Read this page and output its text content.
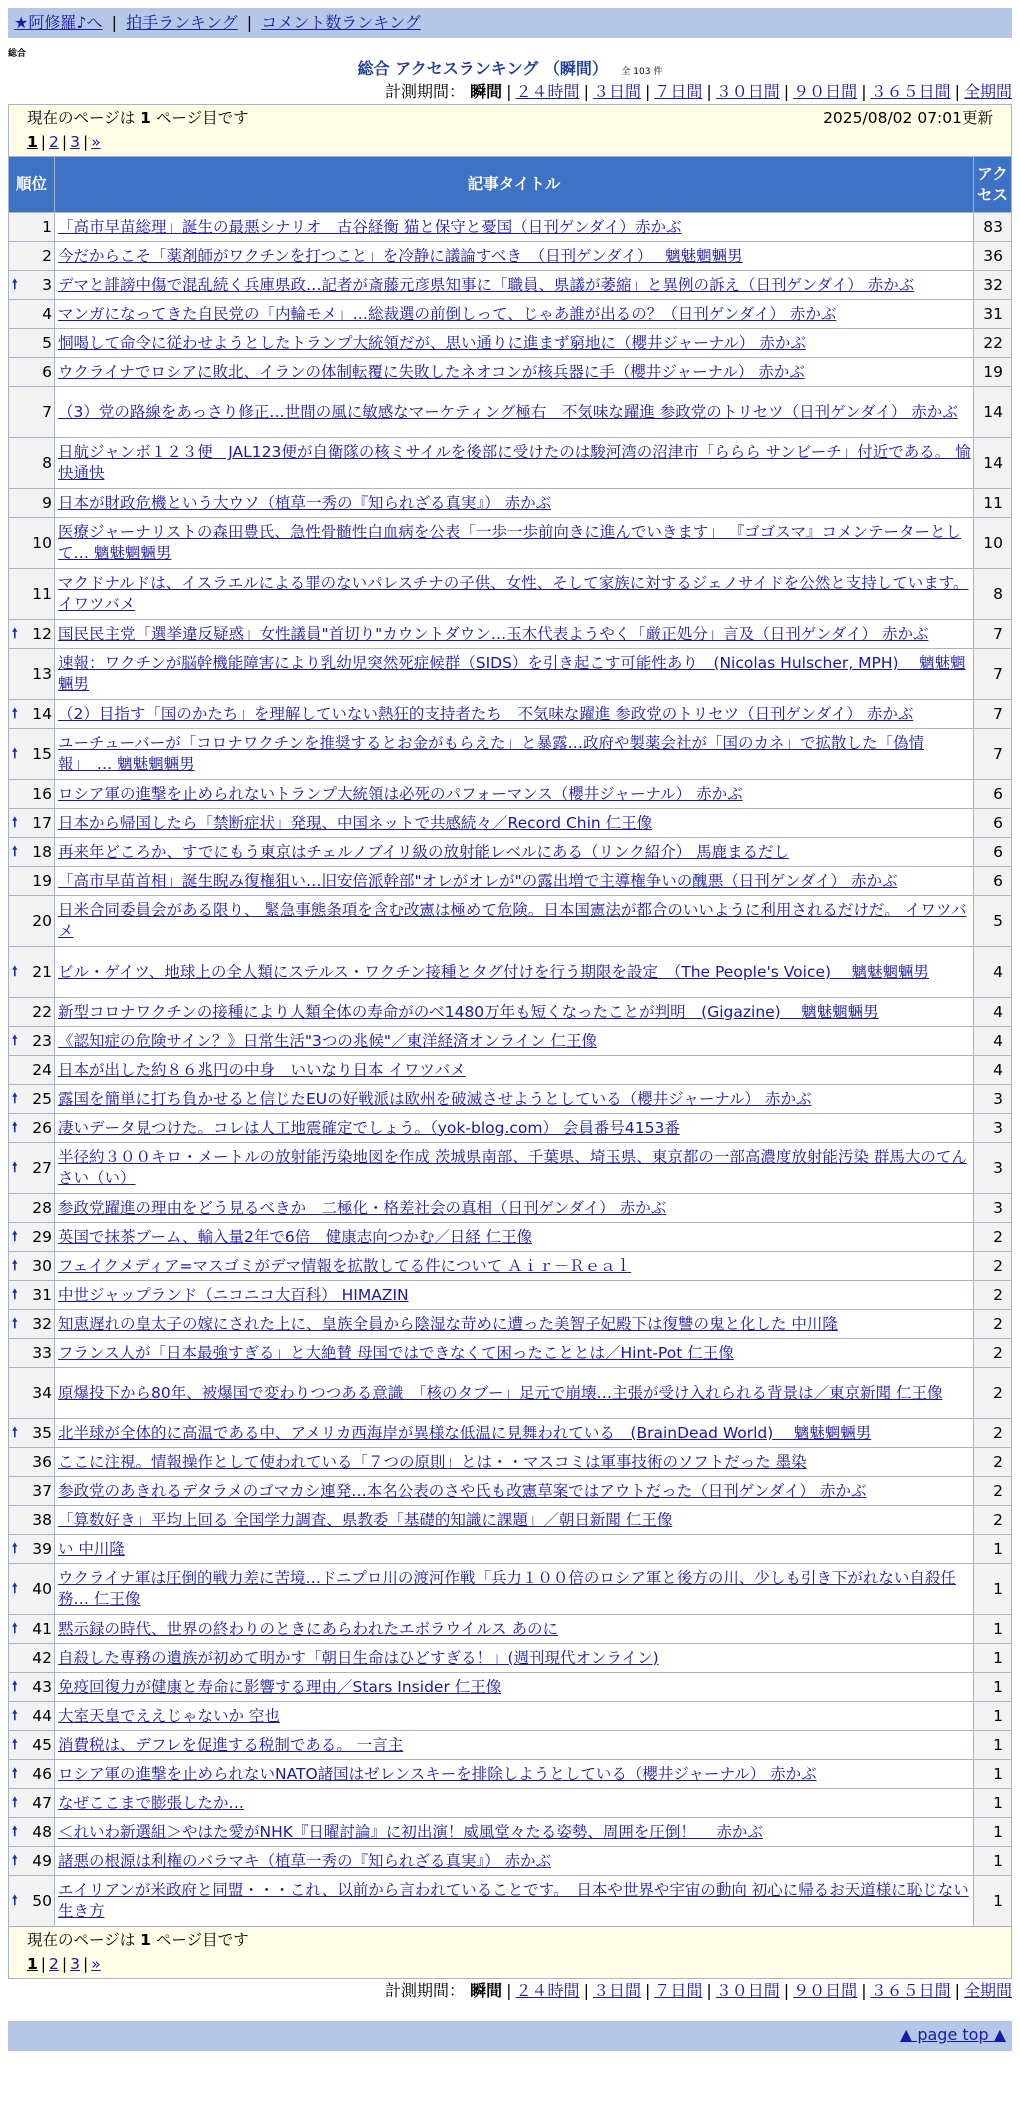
★阿修羅♪へ | 拍手ランキング | コメント数ランキング
総合
総合 アクセスランキング （瞬間） 全 103 件
計測期間： 瞬間 | ２４時間 | ３日間 | ７日間 | ３０日間 | ９０日間 | ３６５日間 | 全期間
現在のページは 1 ページ目です 2025/08/02 07:01更新
1 | 2 | 3 | »		

順位	記事タイトル	アクセス
1	「高市早苗総理」誕生の最悪シナリオ　古谷経衡 猫と保守と憂国（日刊ゲンダイ）赤かぶ	83
2	今だからこそ「薬剤師がワクチンを打つこと」を冷静に議論すべき　（日刊ゲンダイ）　 魑魅魍魎男	36

🠕 3	デマと誹謗中傷で混乱続く兵庫県政…記者が斎藤元彦県知事に「職員、県議が萎縮」と異例の訴え（日刊ゲンダイ） 赤かぶ	32
4	マンガになってきた自民党の「内輪モメ」…総裁選の前倒しって、じゃあ誰が出るの？（日刊ゲンダイ） 赤かぶ	31
5	恫喝して命令に従わせようとしたトランプ大統領だが、思い通りに進まず窮地に（櫻井ジャーナル） 赤かぶ	22
6	ウクライナでロシアに敗北、イランの体制転覆に失敗したネオコンが核兵器に手（櫻井ジャーナル） 赤かぶ	19
7	（3）党の路線をあっさり修正…世間の風に敏感なマーケティング極右　不気味な躍進 参政党のトリセツ（日刊ゲンダイ） 赤かぶ	14
8	日航ジャンボ１２３便　JAL123便が自衛隊の核ミサイルを後部に受けたのは駿河湾の沼津市「ららら サンビーチ」付近である。 愉快通快	14
9	日本が財政危機という大ウソ（植草一秀の『知られざる真実』） 赤かぶ	11
10	医療ジャーナリストの森田豊氏、急性骨髄性白血病を公表「一歩一歩前向きに進んでいきます」 『ゴゴスマ』コメンテーターとして… 魑魅魍魎男	10
11	マクドナルドは、イスラエルによる罪のないパレスチナの子供、女性、そして家族に対するジェノサイドを公然と支持しています。 イワツバメ	8

🠕 12	国民民主党「選挙違反疑惑」女性議員"首切り"カウントダウン…玉木代表ようやく「厳正処分」言及（日刊ゲンダイ） 赤かぶ	7
13	速報：ワクチンが脳幹機能障害により乳幼児突然死症候群（SIDS）を引き起こす可能性あり　(Nicolas Hulscher, MPH)　 魑魅魍魎男	7

🠕 14	（2）目指す「国のかたち」を理解していない熱狂的支持者たち　不気味な躍進 参政党のトリセツ（日刊ゲンダイ） 赤かぶ	7

🠕 15	ユーチューバーが「コロナワクチンを推奨するとお金がもらえた」と暴露…政府や製薬会社が「国のカネ」で拡散した「偽情報」　… 魑魅魍魎男	7
16	ロシア軍の進撃を止められないトランプ大統領は必死のパフォーマンス（櫻井ジャーナル） 赤かぶ	6

🠕 17	日本から帰国したら「禁断症状」発現、中国ネットで共感続々／Record Chin 仁王像	6

🠕 18	再来年どころか、すでにもう東京はチェルノブイリ級の放射能レベルにある（リンク紹介） 馬鹿まるだし	6
19	「高市早苗首相」誕生睨み復権狙い…旧安倍派幹部"オレがオレが"の露出増で主導権争いの醜悪（日刊ゲンダイ） 赤かぶ	6
20	日米合同委員会がある限り、 緊急事態条項を含む改憲は極めて危険。日本国憲法が都合のいいように利用されるだけだ。 イワツバメ	5

🠕 21	ビル・ゲイツ、地球上の全人類にステルス・ワクチン接種とタグ付けを行う期限を設定　（The People's Voice)　 魑魅魍魎男	4
22	新型コロナワクチンの接種により人類全体の寿命がのべ1480万年も短くなったことが判明　(Gigazine)　 魑魅魍魎男	4

🠕 23	《認知症の危険サイン？》日常生活"3つの兆候"／東洋経済オンライン 仁王像	4
24	日本が出した約８６兆円の中身　いいなり日本 イワツバメ	4

🠕 25	露国を簡単に打ち負かせると信じたEUの好戦派は欧州を破滅させようとしている（櫻井ジャーナル） 赤かぶ	3

🠕 26	凄いデータ見つけた。コレは人工地震確定でしょう。（yok-blog.com） 会員番号4153番	3

🠕 27	半径約３００キロ・メートルの放射能汚染地図を作成 茨城県南部、千葉県、埼玉県、東京都の一部高濃度放射能汚染 群馬大のてんさい（い）	3
28	参政党躍進の理由をどう見るべきか　二極化・格差社会の真相（日刊ゲンダイ） 赤かぶ	3

🠕 29	英国で抹茶ブーム、輸入量2年で6倍　健康志向つかむ／日経 仁王像	2

🠕 30	フェイクメディア=マスゴミがデマ情報を拡散してる件について Ａｉｒ－Ｒｅａｌ	2

🠕 31	中世ジャップランド（ニコニコ大百科） HIMAZIN	2

🠕 32	知恵遅れの皇太子の嫁にされた上に、皇族全員から陰湿な苛めに遭った美智子妃殿下は復讐の鬼と化した 中川隆	2
33	フランス人が「日本最強すぎる」と大絶賛 母国ではできなくて困ったこととは／Hint-Pot 仁王像	2
34	原爆投下から80年、被爆国で変わりつつある意識　「核のタブー」足元で崩壊…主張が受け入れられる背景は／東京新聞 仁王像	2

🠕 35	北半球が全体的に高温である中、アメリカ西海岸が異様な低温に見舞われている　(BrainDead World)　 魑魅魍魎男	2
36	ここに注視。情報操作として使われている「７つの原則」とは・・マスコミは軍事技術のソフトだった 墨染	2
37	参政党のあきれるデタラメのゴマカシ連発…本名公表のさや氏も改憲草案ではアウトだった（日刊ゲンダイ） 赤かぶ	2
38	「算数好き」平均上回る 全国学力調査、県教委「基礎的知識に課題」／朝日新聞 仁王像	2

🠕 39	い 中川隆	1

🠕 40	ウクライナ軍は圧倒的戦力差に苦境…ドニプロ川の渡河作戦「兵力１００倍のロシア軍と後方の川、少しも引き下がれない自殺任務… 仁王像	1

🠕 41	黙示録の時代、世界の終わりのときにあらわれたエボラウイルス あのに	1
42	自殺した専務の遺族が初めて明かす「朝日生命はひどすぎる！」(週刊現代オンライン)	1

🠕 43	免疫回復力が健康と寿命に影響する理由／Stars Insider 仁王像	1

🠕 44	大室天皇でええじゃないか 空也	1

🠕 45	消費税は、デフレを促進する税制である。 一言主	1

🠕 46	ロシア軍の進撃を止められないNATO諸国はゼレンスキーを排除しようとしている（櫻井ジャーナル） 赤かぶ	1

🠕 47	なぜここまで膨張したか…	1

🠕 48	＜れいわ新選組＞やはた愛がNHK『日曜討論』に初出演！威風堂々たる姿勢、周囲を圧倒！　 赤かぶ	1

🠕 49	諸悪の根源は利権のバラマキ（植草一秀の『知られざる真実』） 赤かぶ	1

🠕 50	エイリアンが米政府と同盟・・・これ、以前から言われていることです。　日本や世界や宇宙の動向 初心に帰るお天道様に恥じない生き方	1

現在のページは 1 ページ目です
1 | 2 | 3 | »		
計測期間： 瞬間 | ２４時間 | ３日間 | ７日間 | ３０日間 | ９０日間 | ３６５日間 | 全期間
▲ page top ▲
